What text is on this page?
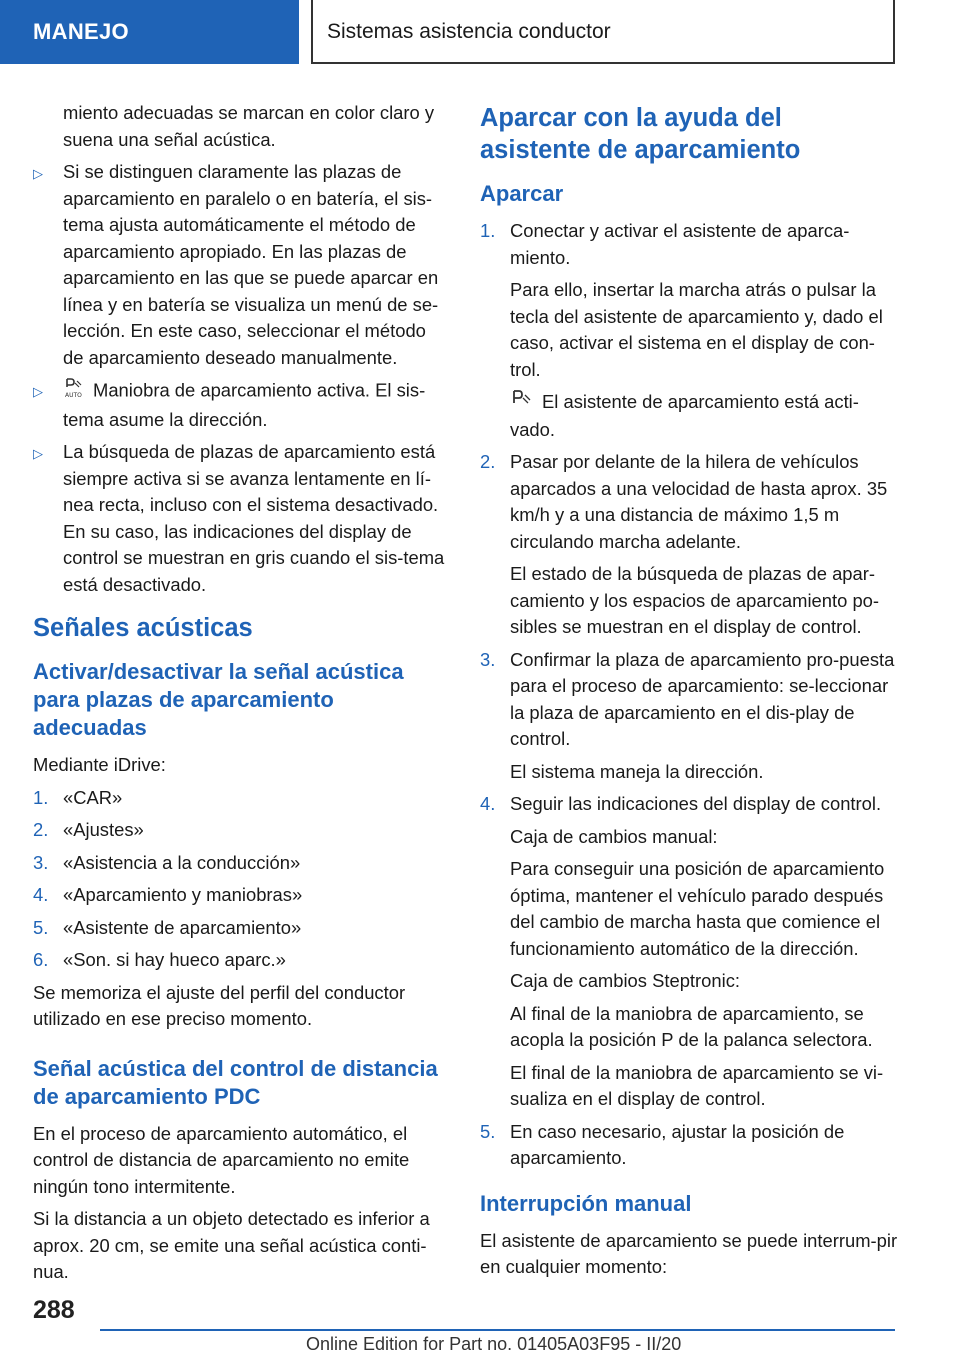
MANEJO	Sistemas asistencia conductor

miento adecuadas se marcan en color claro y suena una señal acústica.

▷ Si se distinguen claramente las plazas de aparcamiento en paralelo o en batería, el sis‐tema ajusta automáticamente el método de aparcamiento apropiado. En las plazas de aparcamiento en las que se puede aparcar en línea y en batería se visualiza un menú de se‐lección. En este caso, seleccionar el método de aparcamiento deseado manualmente.
▷	AUTO Maniobra de aparcamiento activa. El sis‐tema asume la dirección.
▷ La búsqueda de plazas de aparcamiento está siempre activa si se avanza lentamente en lí‐nea recta, incluso con el sistema desactivado. En su caso, las indicaciones del display de control se muestran en gris cuando el sis‐tema está desactivado.
Señales acústicas
Activar/desactivar la señal acústica para plazas de aparcamiento adecuadas

Mediante iDrive:

1. «CAR»
2. «Ajustes»
3. «Asistencia a la conducción»
4. «Aparcamiento y maniobras»
5. «Asistente de aparcamiento»
6. «Son. si hay hueco aparc.»

Se memoriza el ajuste del perfil del conductor utilizado en ese preciso momento.

Señal acústica del control de distancia de aparcamiento PDC

En el proceso de aparcamiento automático, el control de distancia de aparcamiento no emite ningún tono intermitente.

Si la distancia a un objeto detectado es inferior a aprox. 20 cm, se emite una señal acústica conti‐nua.

Aparcar con la ayuda del asistente de aparcamiento
Aparcar
1. Conectar y activar el asistente de aparca‐miento.

Para ello, insertar la marcha atrás o pulsar la tecla del asistente de aparcamiento y, dado el caso, activar el sistema en el display de con‐trol.

El asistente de aparcamiento está acti‐vado.

2. Pasar por delante de la hilera de vehículos aparcados a una velocidad de hasta aprox. 35 km/h y a una distancia de máximo 1,5 m circulando marcha adelante.

El estado de la búsqueda de plazas de apar‐camiento y los espacios de aparcamiento po‐sibles se muestran en el display de control.

3. Confirmar la plaza de aparcamiento pro‐puesta para el proceso de aparcamiento: se‐leccionar la plaza de aparcamiento en el dis‐play de control.

El sistema maneja la dirección.

4. Seguir las indicaciones del display de control.

Caja de cambios manual:

Para conseguir una posición de aparcamiento óptima, mantener el vehículo parado después del cambio de marcha hasta que comience el funcionamiento automático de la dirección.

Caja de cambios Steptronic:

Al final de la maniobra de aparcamiento, se acopla la posición P de la palanca selectora.

El final de la maniobra de aparcamiento se vi‐sualiza en el display de control.

5. En caso necesario, ajustar la posición de aparcamiento.
Interrupción manual

El asistente de aparcamiento se puede interrum‐pir en cualquier momento:

288
Online Edition for Part no. 01405A03F95 - II/20
